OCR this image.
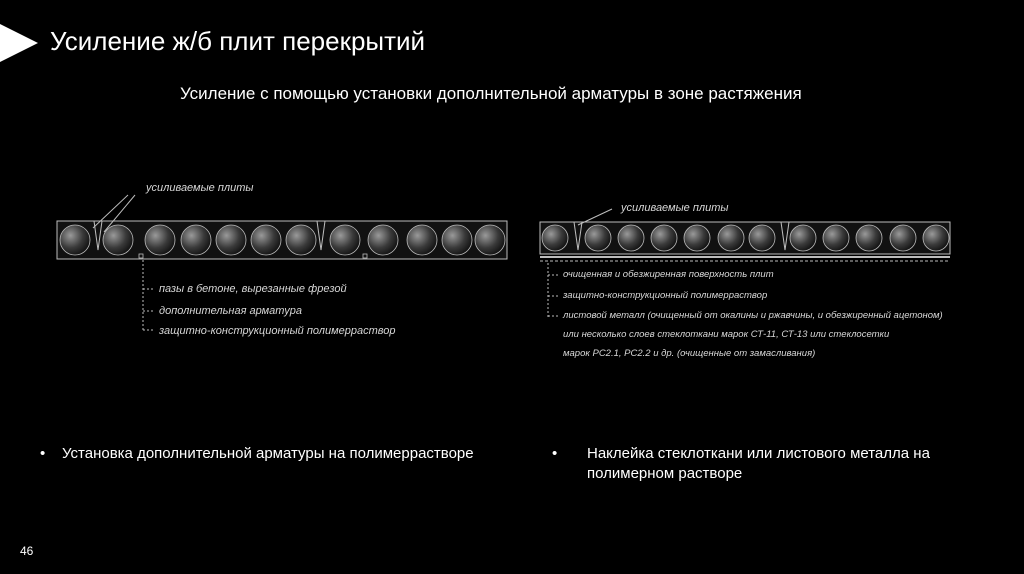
Усиление ж/б плит перекрытий
Усиление с помощью установки дополнительной арматуры в зоне растяжения
усиливаемые плиты
пазы в бетоне, вырезанные фрезой
дополнительная арматура
защитно-конструкционный полимерраствор
усиливаемые плиты
очищенная и обезжиренная поверхность плит
защитно-конструкционный полимерраствор
листовой металл (очищенный от окалины и ржавчины, и обезжиренный ацетоном)
или несколько слоев стеклоткани марок СТ-11, СТ-13 или стеклосетки
марок РС2.1, РС2.2 и др. (очищенные от замасливания)
• Установка дополнительной арматуры на полимеррастворе	• Наклейка стеклоткани или листового металла на полимерном растворе
46
